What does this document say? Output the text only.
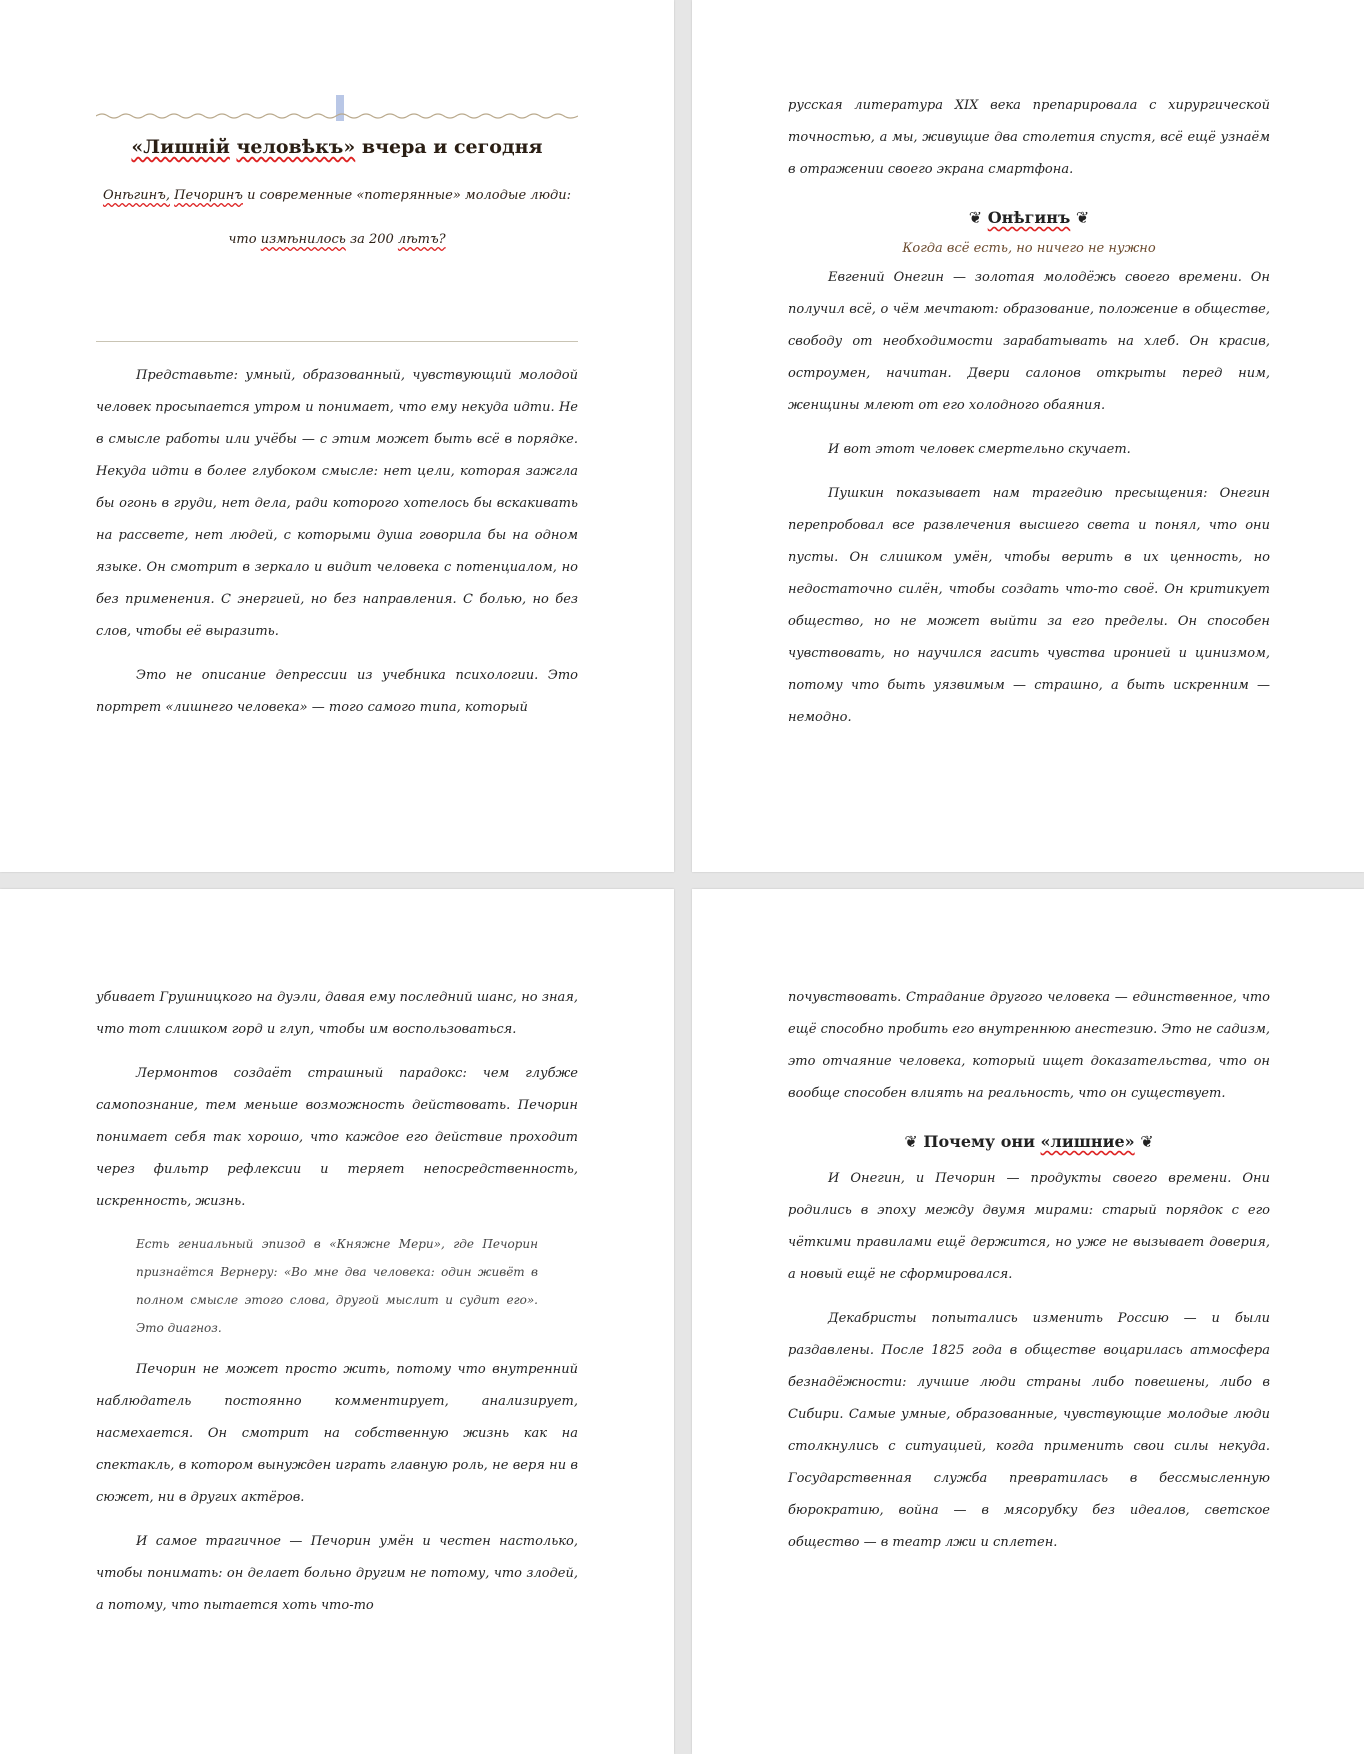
«Лишній человѣкъ» вчера и сегодня

Онѣгинъ, Печоринъ и современные «потерянные» молодые люди:

что измѣнилось за 200 лѣтъ?

Представьте: умный, образованный, чувствующий молодой человек просыпается утром и понимает, что ему некуда идти. Не в смысле работы или учёбы — с этим может быть всё в порядке. Некуда идти в более глубоком смысле: нет цели, которая зажгла бы огонь в груди, нет дела, ради которого хотелось бы вскакивать на рассвете, нет людей, с которыми душа говорила бы на одном языке. Он смотрит в зеркало и видит человека с потенциалом, но без применения. С энергией, но без направления. С болью, но без слов, чтобы её выразить.

Это не описание депрессии из учебника психологии. Это портрет «лишнего человека» — того самого типа, который

русская литература XIX века препарировала с хирургической точностью, а мы, живущие два столетия спустя, всё ещё узнаём в отражении своего экрана смартфона.

❦ Онѣгинъ ❦

Когда всё есть, но ничего не нужно

Евгений Онегин — золотая молодёжь своего времени. Он получил всё, о чём мечтают: образование, положение в обществе, свободу от необходимости зарабатывать на хлеб. Он красив, остроумен, начитан. Двери салонов открыты перед ним, женщины млеют от его холодного обаяния.

И вот этот человек смертельно скучает.

Пушкин показывает нам трагедию пресыщения: Онегин перепробовал все развлечения высшего света и понял, что они пусты. Он слишком умён, чтобы верить в их ценность, но недостаточно силён, чтобы создать что-то своё. Он критикует общество, но не может выйти за его пределы. Он способен чувствовать, но научился гасить чувства иронией и цинизмом, потому что быть уязвимым — страшно, а быть искренним — немодно.

убивает Грушницкого на дуэли, давая ему последний шанс, но зная, что тот слишком горд и глуп, чтобы им воспользоваться.

Лермонтов создаёт страшный парадокс: чем глубже самопознание, тем меньше возможность действовать. Печорин понимает себя так хорошо, что каждое его действие проходит через фильтр рефлексии и теряет непосредственность, искренность, жизнь.

Есть гениальный эпизод в «Княжне Мери», где Печорин признаётся Вернеру: «Во мне два человека: один живёт в полном смысле этого слова, другой мыслит и судит его». Это диагноз.

Печорин не может просто жить, потому что внутренний наблюдатель постоянно комментирует, анализирует, насмехается. Он смотрит на собственную жизнь как на спектакль, в котором вынужден играть главную роль, не веря ни в сюжет, ни в других актёров.

И самое трагичное — Печорин умён и честен настолько, чтобы понимать: он делает больно другим не потому, что злодей, а потому, что пытается хоть что-то

почувствовать. Страдание другого человека — единственное, что ещё способно пробить его внутреннюю анестезию. Это не садизм, это отчаяние человека, который ищет доказательства, что он вообще способен влиять на реальность, что он существует.

❦ Почему они «лишние» ❦

И Онегин, и Печорин — продукты своего времени. Они родились в эпоху между двумя мирами: старый порядок с его чёткими правилами ещё держится, но уже не вызывает доверия, а новый ещё не сформировался.

Декабристы попытались изменить Россию — и были раздавлены. После 1825 года в обществе воцарилась атмосфера безнадёжности: лучшие люди страны либо повешены, либо в Сибири. Самые умные, образованные, чувствующие молодые люди столкнулись с ситуацией, когда применить свои силы некуда. Государственная служба превратилась в бессмысленную бюрократию, война — в мясорубку без идеалов, светское общество — в театр лжи и сплетен.
